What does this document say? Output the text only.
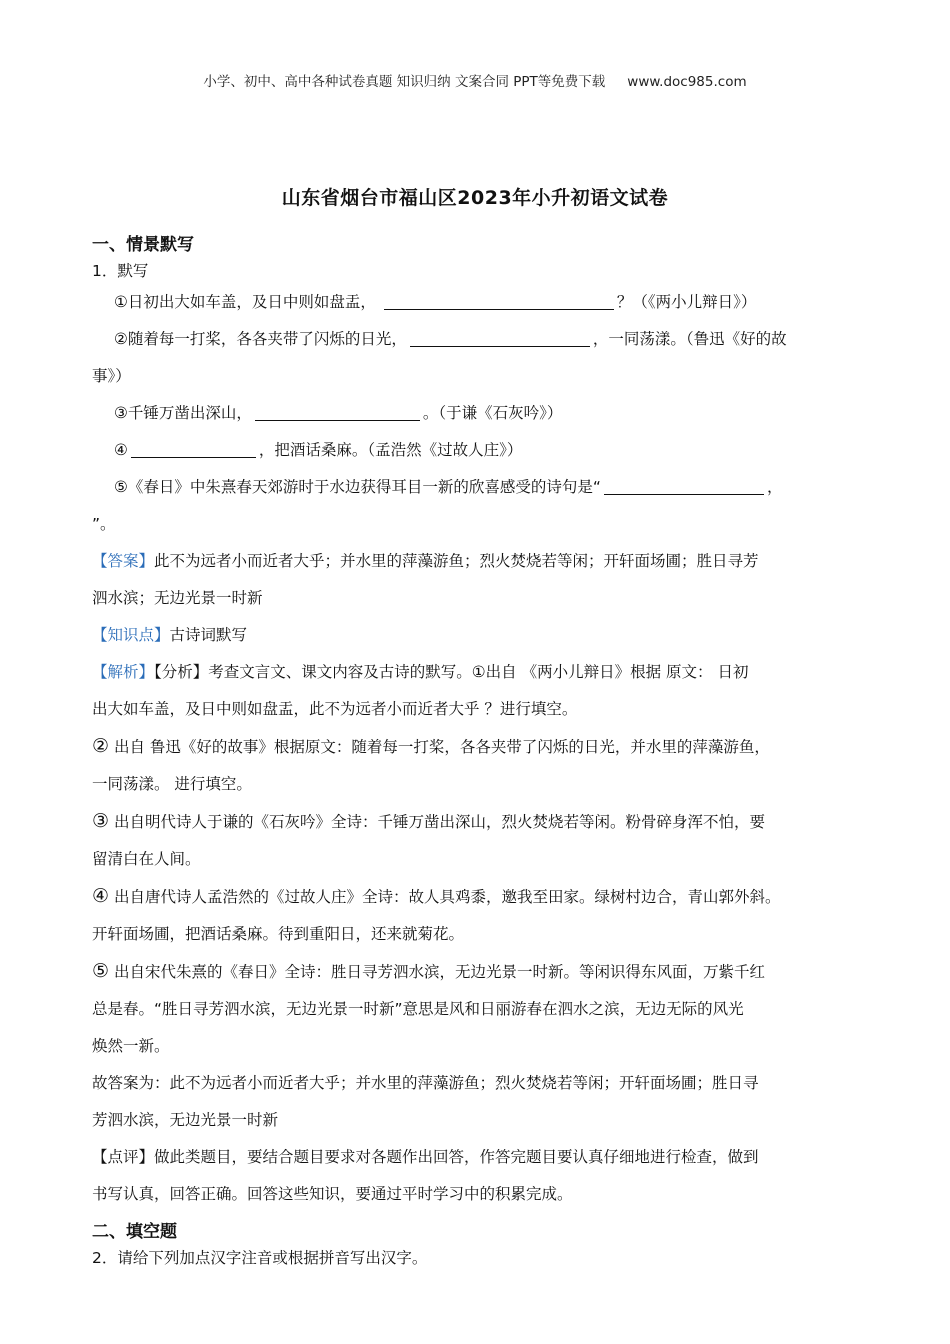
小学、初中、高中各种试卷真题 知识归纳 文案合同 PPT等免费下载 www.doc985.com
山东省烟台市福山区2023年小升初语文试卷
一、情景默写
1．默写
①日初出大如车盖，及日中则如盘盂，	？（《两小儿辩日》）
②随着每一打桨，各各夹带了闪烁的日光，	，一同荡漾。（鲁迅《好的故
事》）
③千锤万凿出深山，	。（于谦《石灰吟》）
④	，把酒话桑麻。（孟浩然《过故人庄》）
⑤《春日》中朱熹春天郊游时于水边获得耳目一新的欣喜感受的诗句是“	，
”。
【答案】此不为远者小而近者大乎；并水里的萍藻游鱼；烈火焚烧若等闲；开轩面场圃；胜日寻芳
泗水滨；无边光景一时新
【知识点】古诗词默写
【解析】【分析】考查文言文、课文内容及古诗的默写。①出自 《两小儿辩日》根据 原文： 日初
出大如车盖，及日中则如盘盂，此不为远者小而近者大乎 ？进行填空。
② 出自 鲁迅《好的故事》根据原文：随着每一打桨，各各夹带了闪烁的日光，并水里的萍藻游鱼，
一同荡漾。 进行填空。
③ 出自明代诗人于谦的《石灰吟》全诗：千锤万凿出深山，烈火焚烧若等闲。粉骨碎身浑不怕，要
留清白在人间。
④ 出自唐代诗人孟浩然的《过故人庄》全诗：故人具鸡黍，邀我至田家。绿树村边合，青山郭外斜。
开轩面场圃，把酒话桑麻。待到重阳日，还来就菊花。
⑤ 出自宋代朱熹的《春日》全诗：胜日寻芳泗水滨，无边光景一时新。等闲识得东风面，万紫千红
总是春。“胜日寻芳泗水滨，无边光景一时新”意思是风和日丽游春在泗水之滨，无边无际的风光
焕然一新。
故答案为：此不为远者小而近者大乎；并水里的萍藻游鱼；烈火焚烧若等闲；开轩面场圃；胜日寻
芳泗水滨，无边光景一时新
【点评】做此类题目，要结合题目要求对各题作出回答，作答完题目要认真仔细地进行检查，做到
书写认真，回答正确。回答这些知识，要通过平时学习中的积累完成。
二、填空题
2．请给下列加点汉字注音或根据拼音写出汉字。
